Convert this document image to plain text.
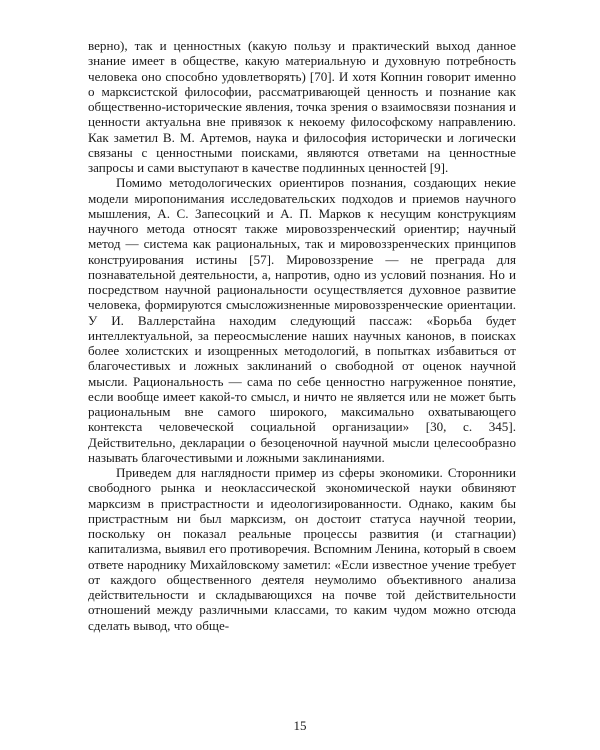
верно), так и ценностных (какую пользу и практический выход данное знание имеет в обществе, какую материальную и духовную потребность человека оно способно удовлетворять) [70]. И хотя Копнин говорит именно о марксистской философии, рассматривающей ценность и познание как общественно-исторические явления, точка зрения о взаимосвязи познания и ценности актуальна вне привязок к некоему философскому направлению. Как заметил В. М. Артемов, наука и философия исторически и логически связаны с ценностными поисками, являются ответами на ценностные запросы и сами выступают в качестве подлинных ценностей [9].

Помимо методологических ориентиров познания, создающих некие модели миропонимания исследовательских подходов и приемов научного мышления, А. С. Запесоцкий и А. П. Марков к несущим конструкциям научного метода относят также мировоззренческий ориентир; научный метод — система как рациональных, так и мировоззренческих принципов конструирования истины [57]. Мировоззрение — не преграда для познавательной деятельности, а, напротив, одно из условий познания. Но и посредством научной рациональности осуществляется духовное развитие человека, формируются смысложизненные мировоззренческие ориентации. У И. Валлерстайна находим следующий пассаж: «Борьба будет интеллектуальной, за переосмысление наших научных канонов, в поисках более холистских и изощренных методологий, в попытках избавиться от благочестивых и ложных заклинаний о свободной от оценок научной мысли. Рациональность — сама по себе ценностно нагруженное понятие, если вообще имеет какой-то смысл, и ничто не является или не может быть рациональным вне самого широкого, максимально охватывающего контекста человеческой социальной организации» [30, с. 345]. Действительно, декларации о безоценочной научной мысли целесообразно называть благочестивыми и ложными заклинаниями.

Приведем для наглядности пример из сферы экономики. Сторонники свободного рынка и неоклассической экономической науки обвиняют марксизм в пристрастности и идеологизированности. Однако, каким бы пристрастным ни был марксизм, он достоит статуса научной теории, поскольку он показал реальные процессы развития (и стагнации) капитализма, выявил его противоречия. Вспомним Ленина, который в своем ответе народнику Михайловскому заметил: «Если известное учение требует от каждого общественного деятеля неумолимо объективного анализа действительности и складывающихся на почве той действительности отношений между различными классами, то каким чудом можно отсюда сделать вывод, что обще-

15
